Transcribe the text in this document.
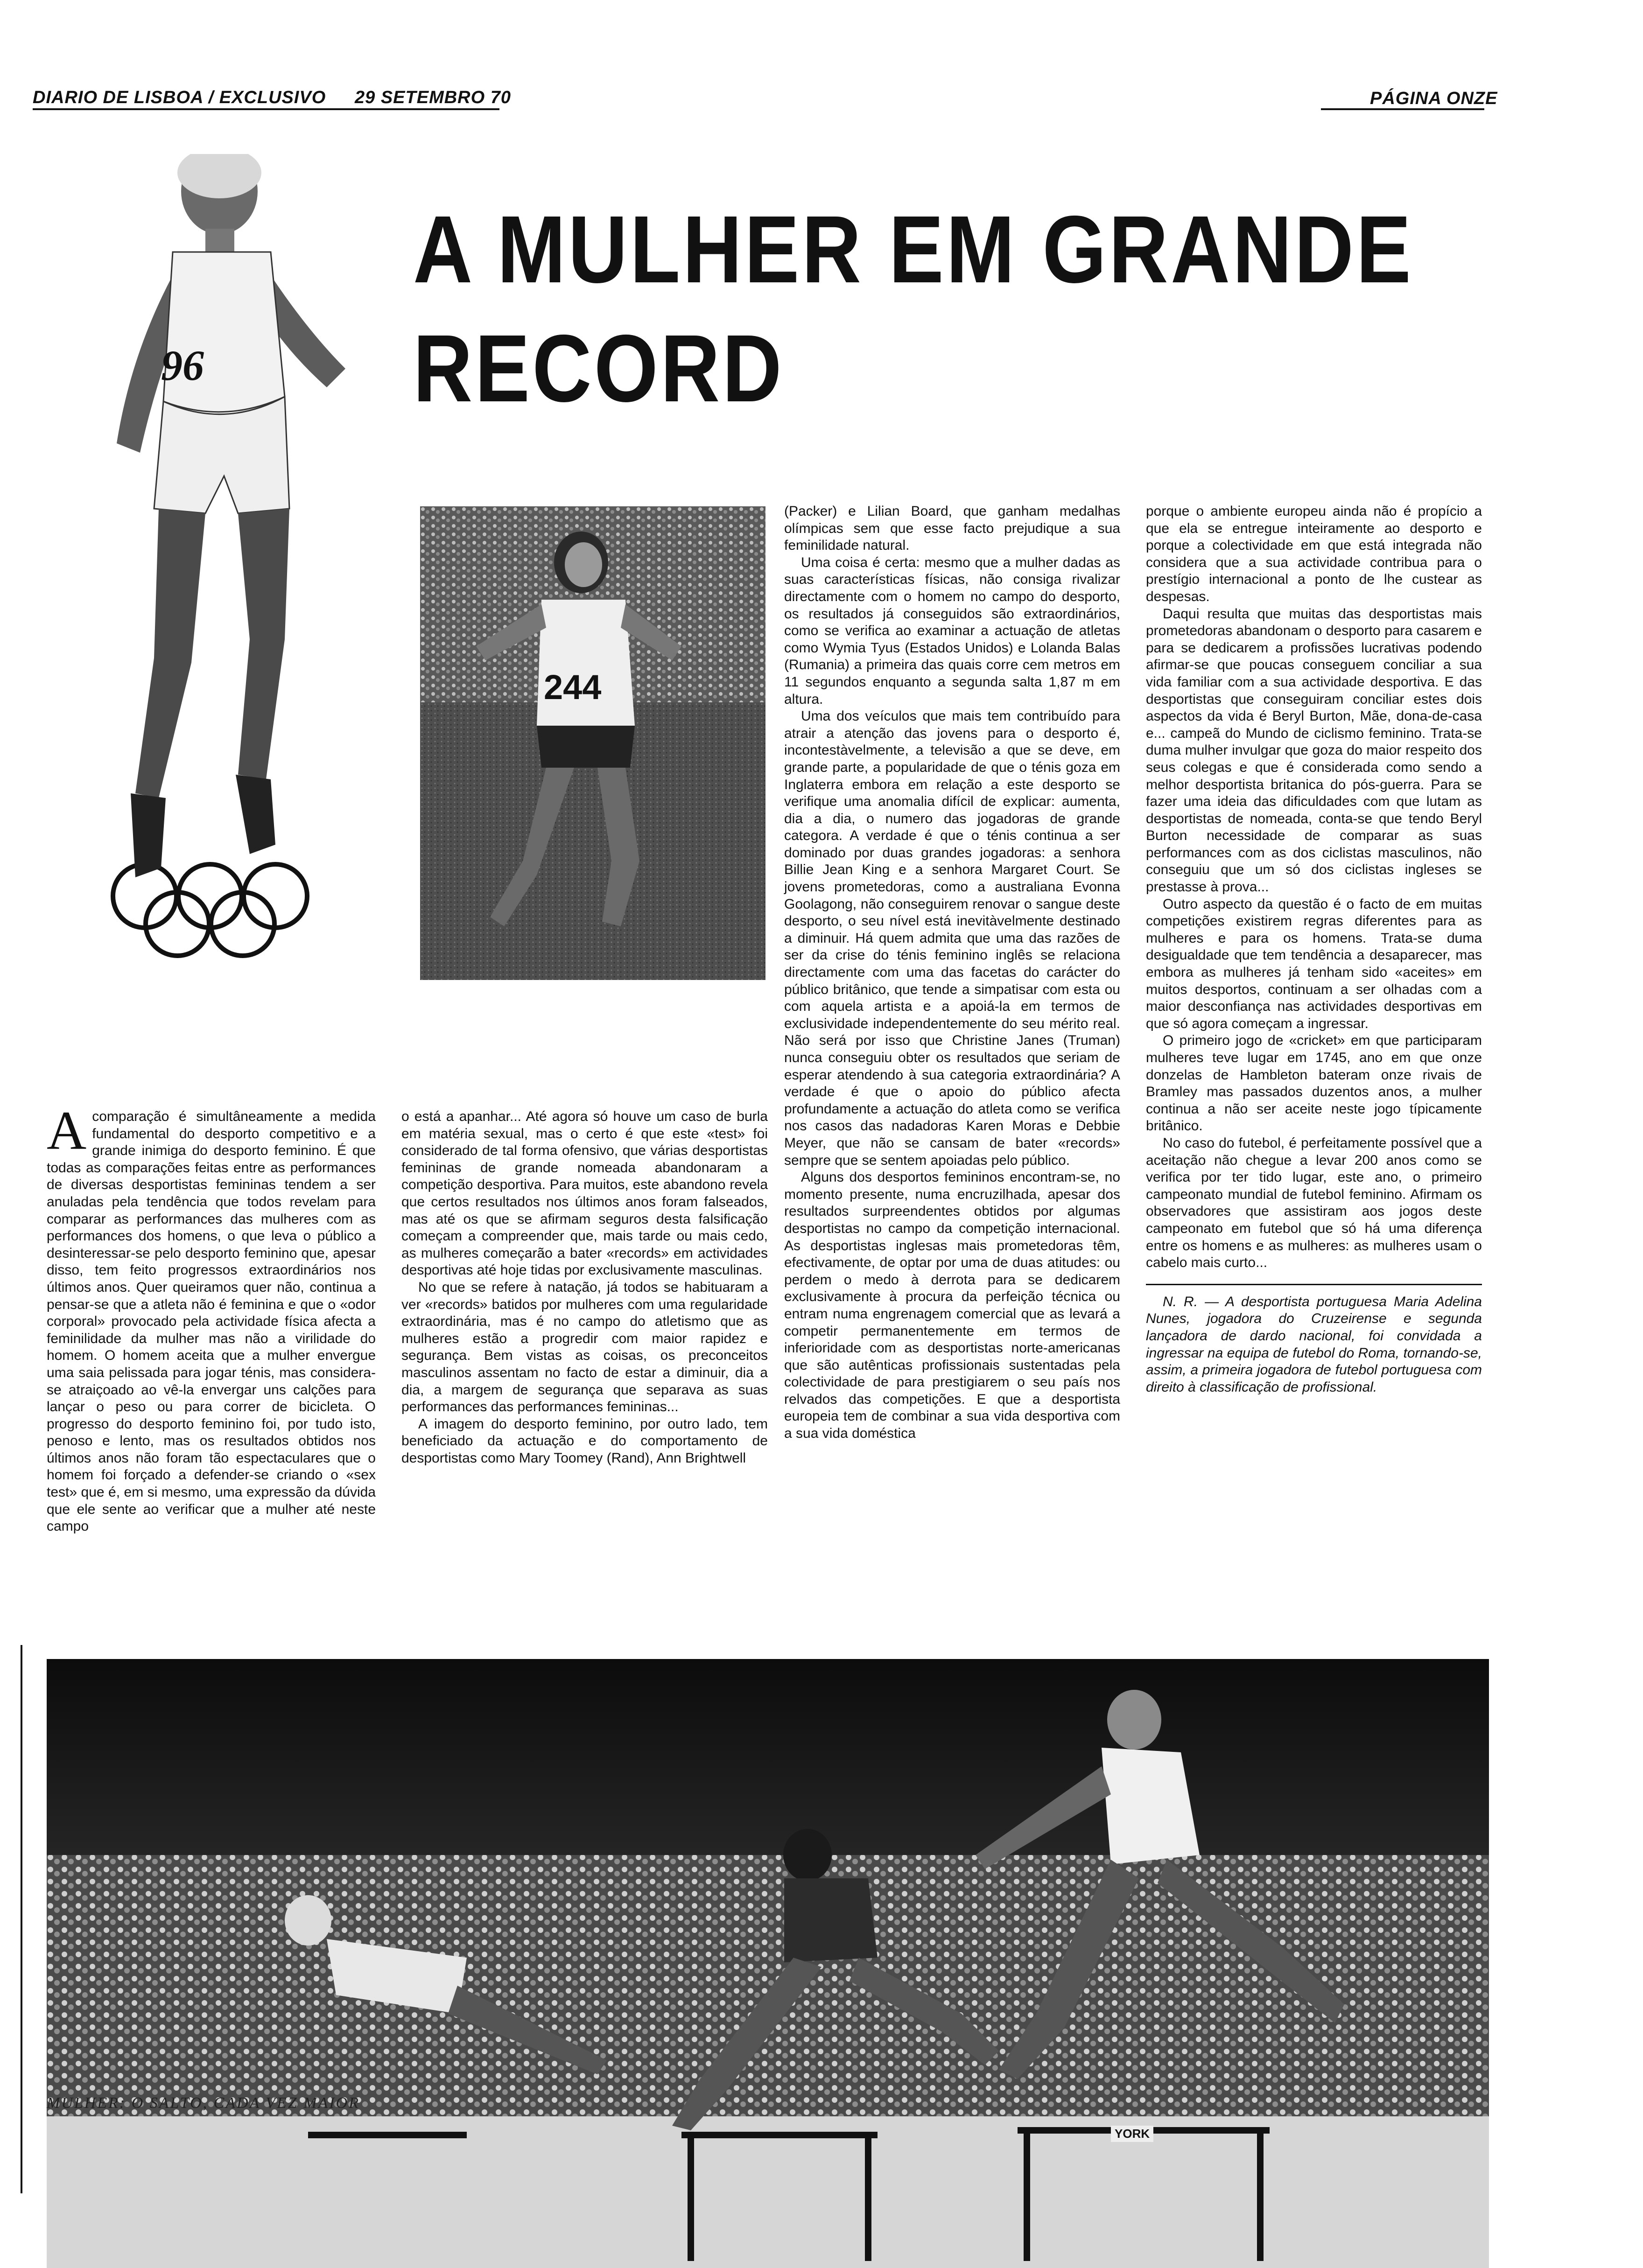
DIARIO DE LISBOA / EXCLUSIVO 29 SETEMBRO 70	PÁGINA ONZE
96
A MULHER EM GRANDE
RECORD
244

Acomparação é simultâneamente a medida fundamental do desporto competitivo e a grande inimiga do desporto feminino. É que todas as comparações feitas entre as performances de diversas desportistas femininas tendem a ser anuladas pela tendência que todos revelam para comparar as performances das mulheres com as performances dos homens, o que leva o público a desinteressar-se pelo desporto feminino que, apesar disso, tem feito progressos extraordinários nos últimos anos. Quer queiramos quer não, continua a pensar-se que a atleta não é feminina e que o «odor corporal» provocado pela actividade física afecta a feminilidade da mulher mas não a virilidade do homem. O homem aceita que a mulher envergue uma saia pelissada para jogar ténis, mas considera-se atraiçoado ao vê-la envergar uns calções para lançar o peso ou para correr de bicicleta. O progresso do desporto feminino foi, por tudo isto, penoso e lento, mas os resultados obtidos nos últimos anos não foram tão espectaculares que o homem foi forçado a defender-se criando o «sex test» que é, em si mesmo, uma expressão da dúvida que ele sente ao verificar que a mulher até neste campo

o está a apanhar... Até agora só houve um caso de burla em matéria sexual, mas o certo é que este «test» foi considerado de tal forma ofensivo, que várias desportistas femininas de grande nomeada abandonaram a competição desportiva. Para muitos, este abandono revela que certos resultados nos últimos anos foram falseados, mas até os que se afirmam seguros desta falsificação começam a compreender que, mais tarde ou mais cedo, as mulheres começarão a bater «records» em actividades desportivas até hoje tidas por exclusivamente masculinas.

No que se refere à natação, já todos se habituaram a ver «records» batidos por mulheres com uma regularidade extraordinária, mas é no campo do atletismo que as mulheres estão a progredir com maior rapidez e segurança. Bem vistas as coisas, os preconceitos masculinos assentam no facto de estar a diminuir, dia a dia, a margem de segurança que separava as suas performances das performances femininas...

A imagem do desporto feminino, por outro lado, tem beneficiado da actuação e do comportamento de desportistas como Mary Toomey (Rand), Ann Brightwell

(Packer) e Lilian Board, que ganham medalhas olímpicas sem que esse facto prejudique a sua feminilidade natural.

Uma coisa é certa: mesmo que a mulher dadas as suas características físicas, não consiga rivalizar directamente com o homem no campo do desporto, os resultados já conseguidos são extraordinários, como se verifica ao examinar a actuação de atletas como Wymia Tyus (Estados Unidos) e Lolanda Balas (Rumania) a primeira das quais corre cem metros em 11 segundos enquanto a segunda salta 1,87 m em altura.

Uma dos veículos que mais tem contribuído para atrair a atenção das jovens para o desporto é, incontestàvelmente, a televisão a que se deve, em grande parte, a popularidade de que o ténis goza em Inglaterra embora em relação a este desporto se verifique uma anomalia difícil de explicar: aumenta, dia a dia, o numero das jogadoras de grande categora. A verdade é que o ténis continua a ser dominado por duas grandes jogadoras: a senhora Billie Jean King e a senhora Margaret Court. Se jovens prometedoras, como a australiana Evonna Goolagong, não conseguirem renovar o sangue deste desporto, o seu nível está inevitàvelmente destinado a diminuir. Há quem admita que uma das razões de ser da crise do ténis feminino inglês se relaciona directamente com uma das facetas do carácter do público britânico, que tende a simpatisar com esta ou com aquela artista e a apoiá-la em termos de exclusividade independentemente do seu mérito real. Não será por isso que Christine Janes (Truman) nunca conseguiu obter os resultados que seriam de esperar atendendo à sua categoria extraordinária? A verdade é que o apoio do público afecta profundamente a actuação do atleta como se verifica nos casos das nadadoras Karen Moras e Debbie Meyer, que não se cansam de bater «records» sempre que se sentem apoiadas pelo público.

Alguns dos desportos femininos encontram-se, no momento presente, numa encruzilhada, apesar dos resultados surpreendentes obtidos por algumas desportistas no campo da competição internacional. As desportistas inglesas mais prometedoras têm, efectivamente, de optar por uma de duas atitudes: ou perdem o medo à derrota para se dedicarem exclusivamente à procura da perfeição técnica ou entram numa engrenagem comercial que as levará a competir permanentemente em termos de inferioridade com as desportistas norte-americanas que são autênticas profissionais sustentadas pela colectividade de para prestigiarem o seu país nos relvados das competições. E que a desportista europeia tem de combinar a sua vida desportiva com a sua vida doméstica

porque o ambiente europeu ainda não é propício a que ela se entregue inteiramente ao desporto e porque a colectividade em que está integrada não considera que a sua actividade contribua para o prestígio internacional a ponto de lhe custear as despesas.

Daqui resulta que muitas das desportistas mais prometedoras abandonam o desporto para casarem e para se dedicarem a profissões lucrativas podendo afirmar-se que poucas conseguem conciliar a sua vida familiar com a sua actividade desportiva. E das desportistas que conseguiram conciliar estes dois aspectos da vida é Beryl Burton, Mãe, dona-de-casa e... campeã do Mundo de ciclismo feminino. Trata-se duma mulher invulgar que goza do maior respeito dos seus colegas e que é considerada como sendo a melhor desportista britanica do pós-guerra. Para se fazer uma ideia das dificuldades com que lutam as desportistas de nomeada, conta-se que tendo Beryl Burton necessidade de comparar as suas performances com as dos ciclistas masculinos, não conseguiu que um só dos ciclistas ingleses se prestasse à prova...

Outro aspecto da questão é o facto de em muitas competições existirem regras diferentes para as mulheres e para os homens. Trata-se duma desigualdade que tem tendência a desaparecer, mas embora as mulheres já tenham sido «aceites» em muitos desportos, continuam a ser olhadas com a maior desconfiança nas actividades desportivas em que só agora começam a ingressar.

O primeiro jogo de «cricket» em que participaram mulheres teve lugar em 1745, ano em que onze donzelas de Hambleton bateram onze rivais de Bramley mas passados duzentos anos, a mulher continua a não ser aceite neste jogo típicamente britânico.

No caso do futebol, é perfeitamente possível que a aceitação não chegue a levar 200 anos como se verifica por ter tido lugar, este ano, o primeiro campeonato mundial de futebol feminino. Afirmam os observadores que assistiram aos jogos deste campeonato em futebol que só há uma diferença entre os homens e as mulheres: as mulheres usam o cabelo mais curto...

N. R. — A desportista portuguesa Maria Adelina Nunes, jogadora do Cruzeirense e segunda lançadora de dardo nacional, foi convidada a ingressar na equipa de futebol do Roma, tornando-se, assim, a primeira jogadora de futebol portuguesa com direito à classificação de profissional.

YORK
MULHER: O SALTO, CADA VEZ MAIOR
